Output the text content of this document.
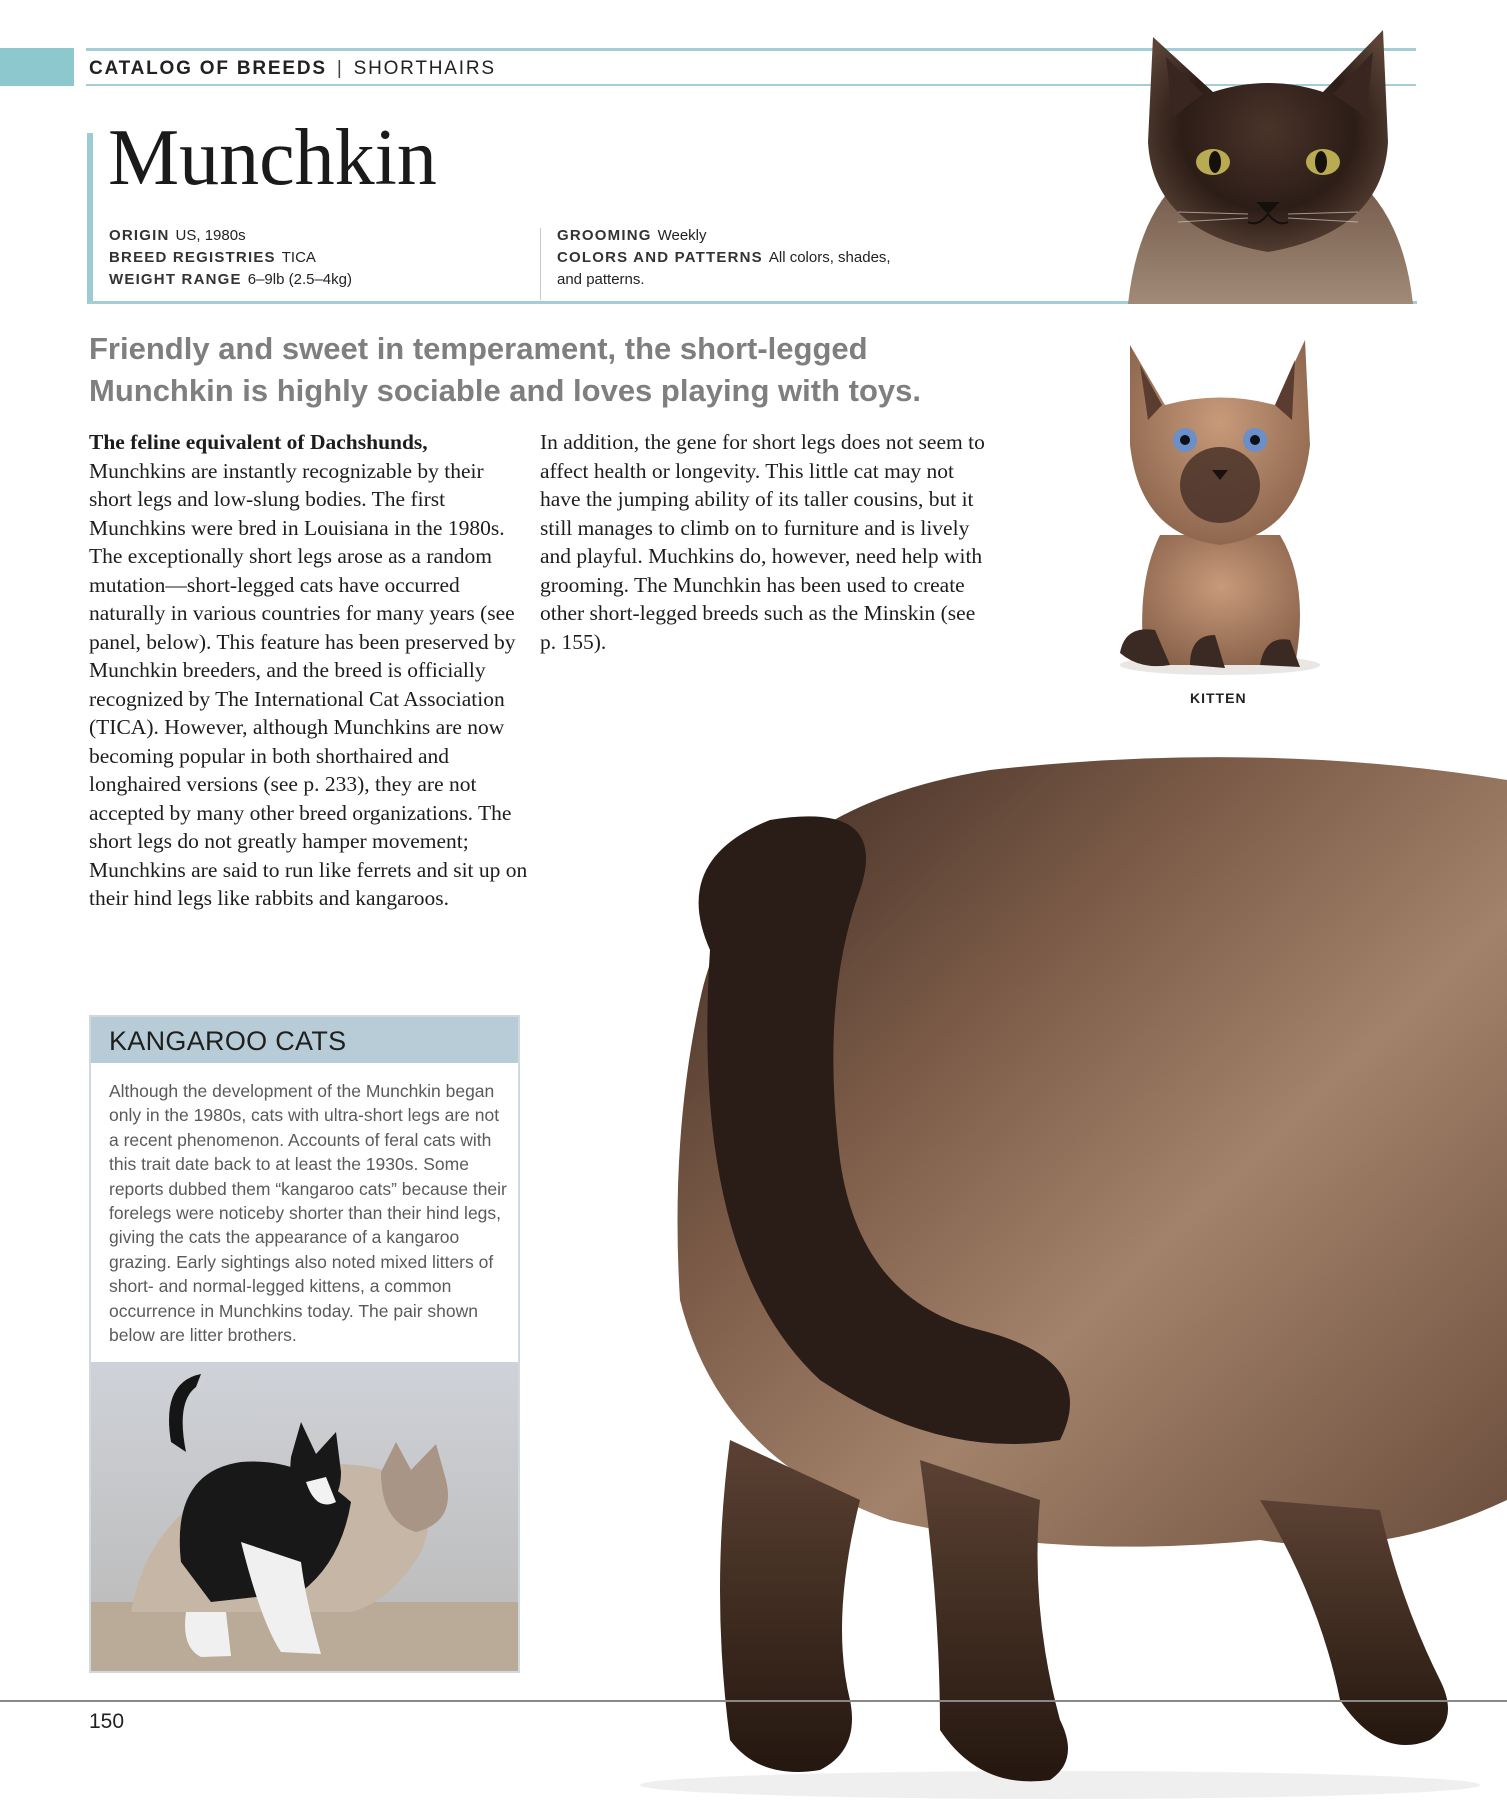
CATALOG OF BREEDS | SHORTHAIRS
Munchkin
ORIGIN US, 1980s
BREED REGISTRIES TICA
WEIGHT RANGE 6–9lb (2.5–4kg)
GROOMING Weekly
COLORS AND PATTERNS All colors, shades, and patterns.
Friendly and sweet in temperament, the short-legged Munchkin is highly sociable and loves playing with toys.
The feline equivalent of Dachshunds, Munchkins are instantly recognizable by their short legs and low-slung bodies. The first Munchkins were bred in Louisiana in the 1980s. The exceptionally short legs arose as a random mutation—short-legged cats have occurred naturally in various countries for many years (see panel, below). This feature has been preserved by Munchkin breeders, and the breed is officially recognized by The International Cat Association (TICA). However, although Munchkins are now becoming popular in both shorthaired and longhaired versions (see p. 233), they are not accepted by many other breed organizations. The short legs do not greatly hamper movement; Munchkins are said to run like ferrets and sit up on their hind legs like rabbits and kangaroos.
In addition, the gene for short legs does not seem to affect health or longevity. This little cat may not have the jumping ability of its taller cousins, but it still manages to climb on to furniture and is lively and playful. Muchkins do, however, need help with grooming. The Munchkin has been used to create other short-legged breeds such as the Minskin (see p. 155).
KITTEN
KANGAROO CATS
Although the development of the Munchkin began only in the 1980s, cats with ultra-short legs are not a recent phenomenon. Accounts of feral cats with this trait date back to at least the 1930s. Some reports dubbed them “kangaroo cats” because their forelegs were noticeby shorter than their hind legs, giving the cats the appearance of a kangaroo grazing. Early sightings also noted mixed litters of short- and normal-legged kittens, a common occurrence in Munchkins today. The pair shown below are litter brothers.
150
